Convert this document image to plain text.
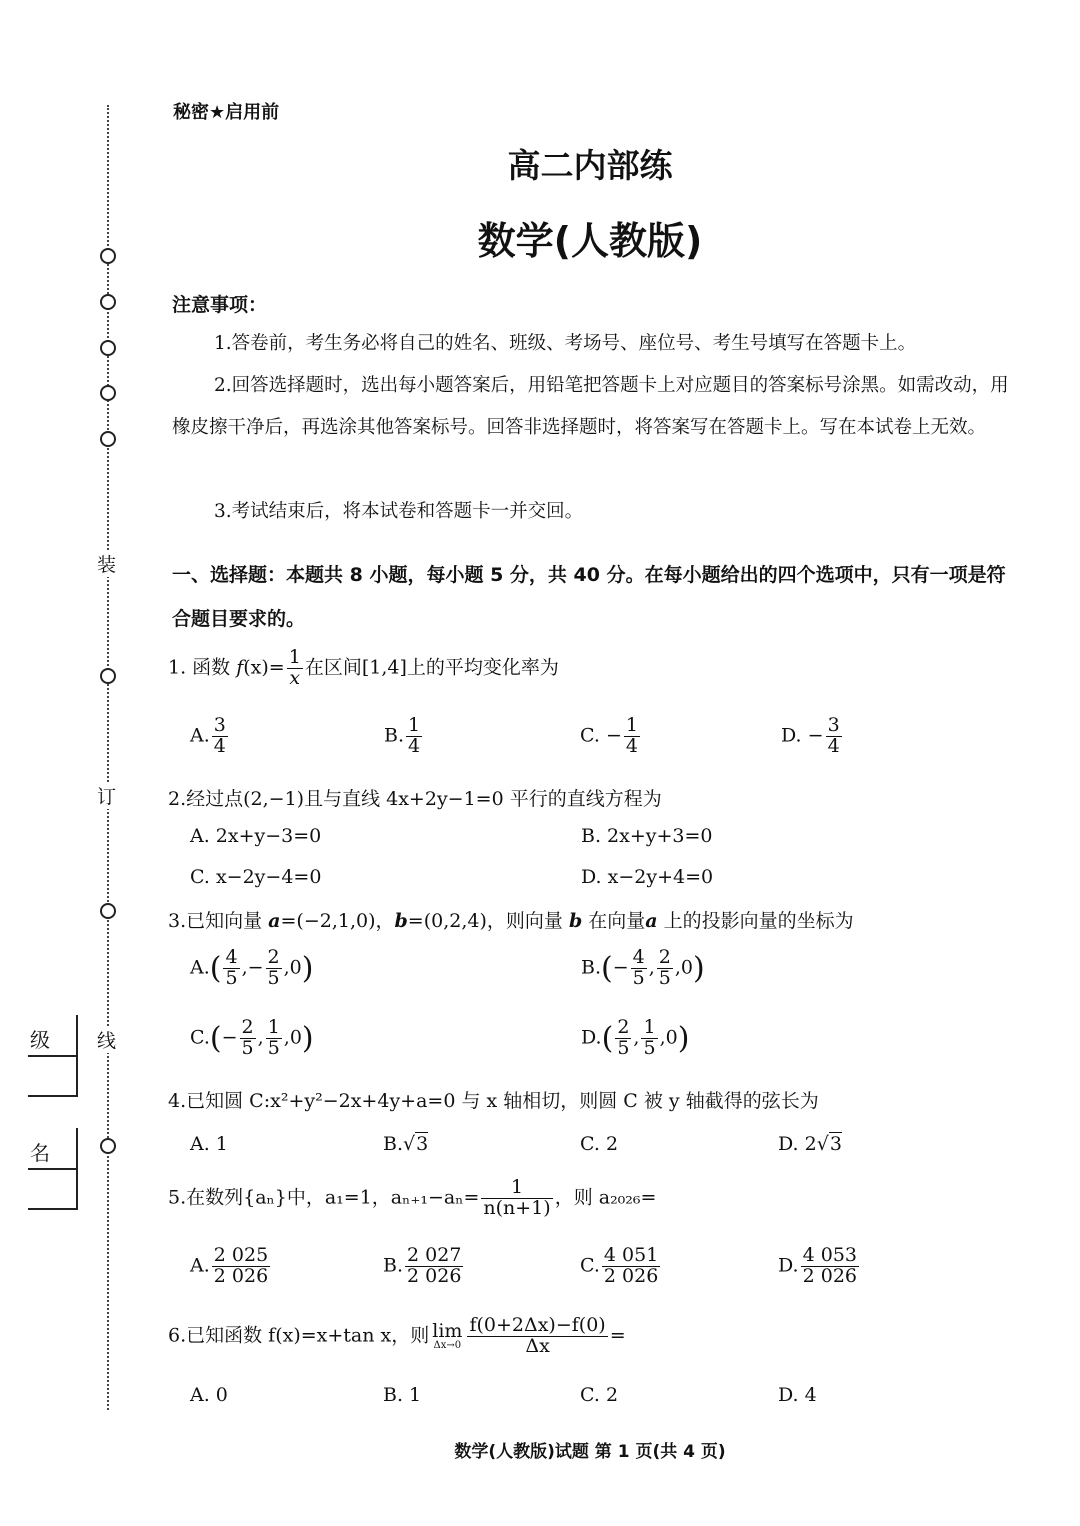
装
订
线
级
名
秘密★启用前
高二内部练
数学(人教版)
注意事项：
1.答卷前，考生务必将自己的姓名、班级、考场号、座位号、考生号填写在答题卡上。
2.回答选择题时，选出每小题答案后，用铅笔把答题卡上对应题目的答案标号涂黑。如需改动，用橡皮擦干净后，再选涂其他答案标号。回答非选择题时，将答案写在答题卡上。写在本试卷上无效。
3.考试结束后，将本试卷和答题卡一并交回。
一、选择题：本题共 8 小题，每小题 5 分，共 40 分。在每小题给出的四个选项中，只有一项是符合题目要求的。
1. 函数 $f(x)= \frac{1}{x}$ 在区间[1,4]上的平均变化率为
A. $\frac{3}{4}$	B. $\frac{1}{4}$	C. − $\frac{1}{4}$	D. − $\frac{3}{4}$
2.经过点(2,−1)且与直线 4x+2y−1=0 平行的直线方程为
A. 2x+y−3=0	B. 2x+y+3=0
C. x−2y−4=0	D. x−2y+4=0
3.已知向量 a=(−2,1,0)，b=(0,2,4)，则向量 b 在向量a 上的投影向量的坐标为
$A.( \frac{4}{5}$ ,− $\frac{2}{5} ,0$)	$B.(- \frac{4}{5}$ , $\frac{2}{5} ,0$)
$C.(- \frac{2}{5}$ , $\frac{1}{5} ,0$)	$D.( \frac{2}{5}$ , $\frac{1}{5} ,0$)
4.已知圆 C:x²+y²−2x+4y+a=0 与 x 轴相切，则圆 C 被 y 轴截得的弦长为
A. 1	B.√3	C. 2	D. 2√3
5.在数列{aₙ}中，a₁=1，$a_{n+1}-a_n= \frac{1}{n(n+1)}$ ，则 a₂₀₂₆=
A. $\frac{2 025}{2 026}$	B. $\frac{2 027}{2 026}$	C. $\frac{4 051}{2 026}$	D. $\frac{4 053}{2 026}$
6.已知函数 f(x)=x+tan x，则 lim
$\Delta x\to 0 \frac{f(0+2\Delta x)-f(0)}{\Delta x}$ =
A. 0	B. 1	C. 2	D. 4
数学(人教版)试题 第 1 页(共 4 页)
